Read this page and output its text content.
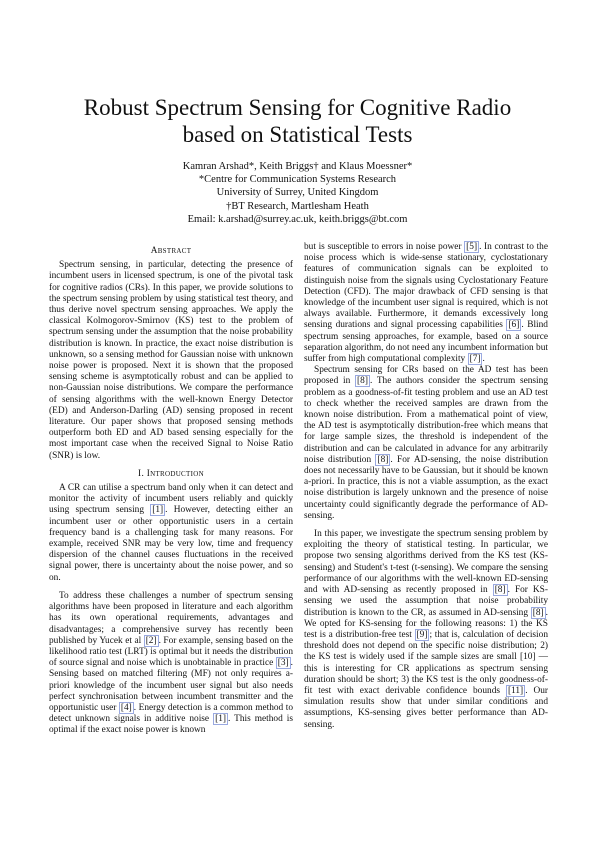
Robust Spectrum Sensing for Cognitive Radio
based on Statistical Tests
Kamran Arshad*, Keith Briggs† and Klaus Moessner*
*Centre for Communication Systems Research
University of Surrey, United Kingdom
†BT Research, Martlesham Heath
Email: k.arshad@surrey.ac.uk, keith.briggs@bt.com
Abstract

Spectrum sensing, in particular, detecting the presence of incumbent users in licensed spectrum, is one of the pivotal task for cognitive radios (CRs). In this paper, we provide solutions to the spectrum sensing problem by using statistical test theory, and thus derive novel spectrum sensing approaches. We apply the classical Kolmogorov-Smirnov (KS) test to the problem of spectrum sensing under the assumption that the noise probability distribution is known. In practice, the exact noise distribution is unknown, so a sensing method for Gaussian noise with unknown noise power is proposed. Next it is shown that the proposed sensing scheme is asymptotically robust and can be applied to non-Gaussian noise distributions. We compare the performance of sensing algorithms with the well-known Energy Detector (ED) and Anderson-Darling (AD) sensing proposed in recent literature. Our paper shows that proposed sensing methods outperform both ED and AD based sensing especially for the most important case when the received Signal to Noise Ratio (SNR) is low.

I. Introduction

A CR can utilise a spectrum band only when it can detect and monitor the activity of incumbent users reliably and quickly using spectrum sensing [1] . However, detecting either an incumbent user or other opportunistic users in a certain frequency band is a challenging task for many reasons. For example, received SNR may be very low, time and frequency dispersion of the channel causes fluctuations in the received signal power, there is uncertainty about the noise power, and so on.

To address these challenges a number of spectrum sensing algorithms have been proposed in literature and each algorithm has its own operational requirements, advantages and disadvantages; a comprehensive survey has recently been published by Yucek et al [2] . For example, sensing based on the likelihood ratio test (LRT) is optimal but it needs the distribution of source signal and noise which is unobtainable in practice [3] . Sensing based on matched filtering (MF) not only requires a-priori knowledge of the incumbent user signal but also needs perfect synchronisation between incumbent transmitter and the opportunistic user [4] . Energy detection is a common method to detect unknown signals in additive noise [1] . This method is optimal if the exact noise power is known

but is susceptible to errors in noise power [5] . In contrast to the noise process which is wide-sense stationary, cyclostationary features of communication signals can be exploited to distinguish noise from the signals using Cyclostationary Feature Detection (CFD). The major drawback of CFD sensing is that knowledge of the incumbent user signal is required, which is not always available. Furthermore, it demands excessively long sensing durations and signal processing capabilities [6] . Blind spectrum sensing approaches, for example, based on a source separation algorithm, do not need any incumbent information but suffer from high computational complexity [7] .

Spectrum sensing for CRs based on the AD test has been proposed in [8] . The authors consider the spectrum sensing problem as a goodness-of-fit testing problem and use an AD test to check whether the received samples are drawn from the known noise distribution. From a mathematical point of view, the AD test is asymptotically distribution-free which means that for large sample sizes, the threshold is independent of the distribution and can be calculated in advance for any arbitrarily noise distribution [8] . For AD-sensing, the noise distribution does not necessarily have to be Gaussian, but it should be known a-priori. In practice, this is not a viable assumption, as the exact noise distribution is largely unknown and the presence of noise uncertainty could significantly degrade the performance of AD-sensing.

In this paper, we investigate the spectrum sensing problem by exploiting the theory of statistical testing. In particular, we propose two sensing algorithms derived from the KS test (KS-sensing) and Student's t-test (t-sensing). We compare the sensing performance of our algorithms with the well-known ED-sensing and with AD-sensing as recently proposed in [8] . For KS-sensing we used the assumption that noise probability distribution is known to the CR, as assumed in AD-sensing [8] . We opted for KS-sensing for the following reasons: 1) the KS test is a distribution-free test [9] ; that is, calculation of decision threshold does not depend on the specific noise distribution; 2) the KS test is widely used if the sample sizes are small [10] — this is interesting for CR applications as spectrum sensing duration should be short; 3) the KS test is the only goodness-of-fit test with exact derivable confidence bounds [11] . Our simulation results show that under similar conditions and assumptions, KS-sensing gives better performance than AD-sensing.
